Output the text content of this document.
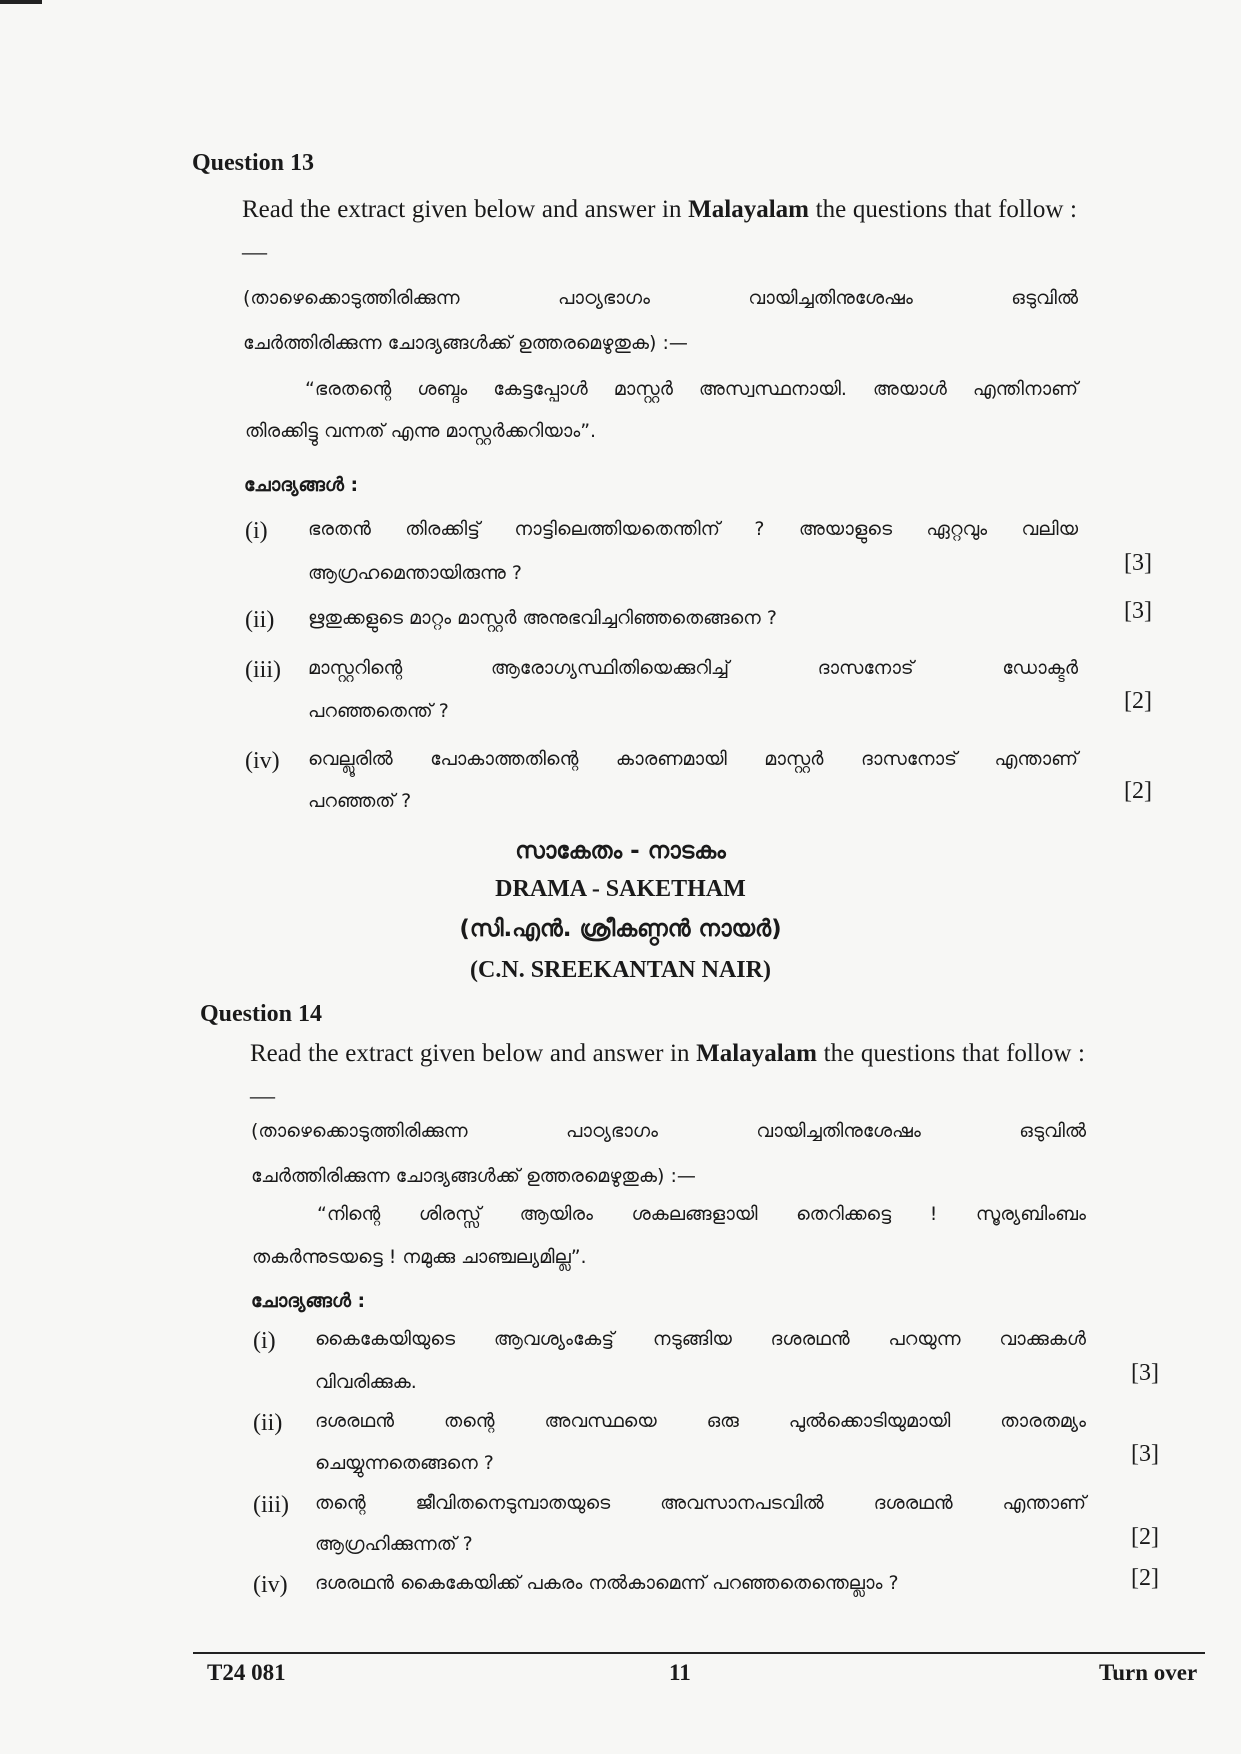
Question 13
Read the extract given below and answer in Malayalam the questions that follow :—
(താഴെക്കൊടുത്തിരിക്കുന്ന പാഠ്യഭാഗം വായിച്ചതിനുശേഷം ഒടുവിൽ
ചേർത്തിരിക്കുന്ന ചോദ്യങ്ങൾക്ക് ഉത്തരമെഴുതുക) :—
“ഭരതന്റെ ശബ്ദം കേട്ടപ്പോൾ മാസ്റ്റർ അസ്വസ്ഥനായി. അയാൾ എന്തിനാണ്
തിരക്കിട്ടു വന്നത് എന്നു മാസ്റ്റർക്കറിയാം”.
ചോദ്യങ്ങൾ :
(i) ഭരതൻ തിരക്കിട്ട് നാട്ടിലെത്തിയതെന്തിന് ? അയാളുടെ ഏറ്റവും വലിയ
ആഗ്രഹമെന്തായിരുന്നു ?	[3]
(ii) ഋതുക്കളുടെ മാറ്റം മാസ്റ്റർ അനുഭവിച്ചറിഞ്ഞതെങ്ങനെ ?	[3]
(iii) മാസ്റ്ററിന്റെ ആരോഗ്യസ്ഥിതിയെക്കുറിച്ച് ദാസനോട് ഡോക്ടർ
പറഞ്ഞതെന്ത് ?	[2]
(iv) വെല്ലൂരിൽ പോകാത്തതിന്റെ കാരണമായി മാസ്റ്റർ ദാസനോട് എന്താണ്
പറഞ്ഞത് ?	[2]
സാകേതം - നാടകം
DRAMA - SAKETHAM
(സി.എൻ. ശ്രീകണ്ഠൻ നായർ)
(C.N. SREEKANTAN NAIR)
Question 14
Read the extract given below and answer in Malayalam the questions that follow :—
(താഴെക്കൊടുത്തിരിക്കുന്ന പാഠ്യഭാഗം വായിച്ചതിനുശേഷം ഒടുവിൽ
ചേർത്തിരിക്കുന്ന ചോദ്യങ്ങൾക്ക് ഉത്തരമെഴുതുക) :—
“നിന്റെ ശിരസ്സ് ആയിരം ശകലങ്ങളായി തെറിക്കട്ടെ ! സൂര്യബിംബം
തകർന്നുടയട്ടെ ! നമുക്കു ചാഞ്ചല്യമില്ല”.
ചോദ്യങ്ങൾ :
(i) കൈകേയിയുടെ ആവശ്യംകേട്ട് നടുങ്ങിയ ദശരഥൻ പറയുന്ന വാക്കുകൾ
വിവരിക്കുക.	[3]
(ii) ദശരഥൻ തന്റെ അവസ്ഥയെ ഒരു പുൽക്കൊടിയുമായി താരതമ്യം
ചെയ്യുന്നതെങ്ങനെ ?	[3]
(iii) തന്റെ ജീവിതനെടുമ്പാതയുടെ അവസാനപടവിൽ ദശരഥൻ എന്താണ്
ആഗ്രഹിക്കുന്നത് ?	[2]
(iv) ദശരഥൻ കൈകേയിക്ക് പകരം നൽകാമെന്ന് പറഞ്ഞതെന്തെല്ലാം ?	[2]
T24 081	11	Turn over
